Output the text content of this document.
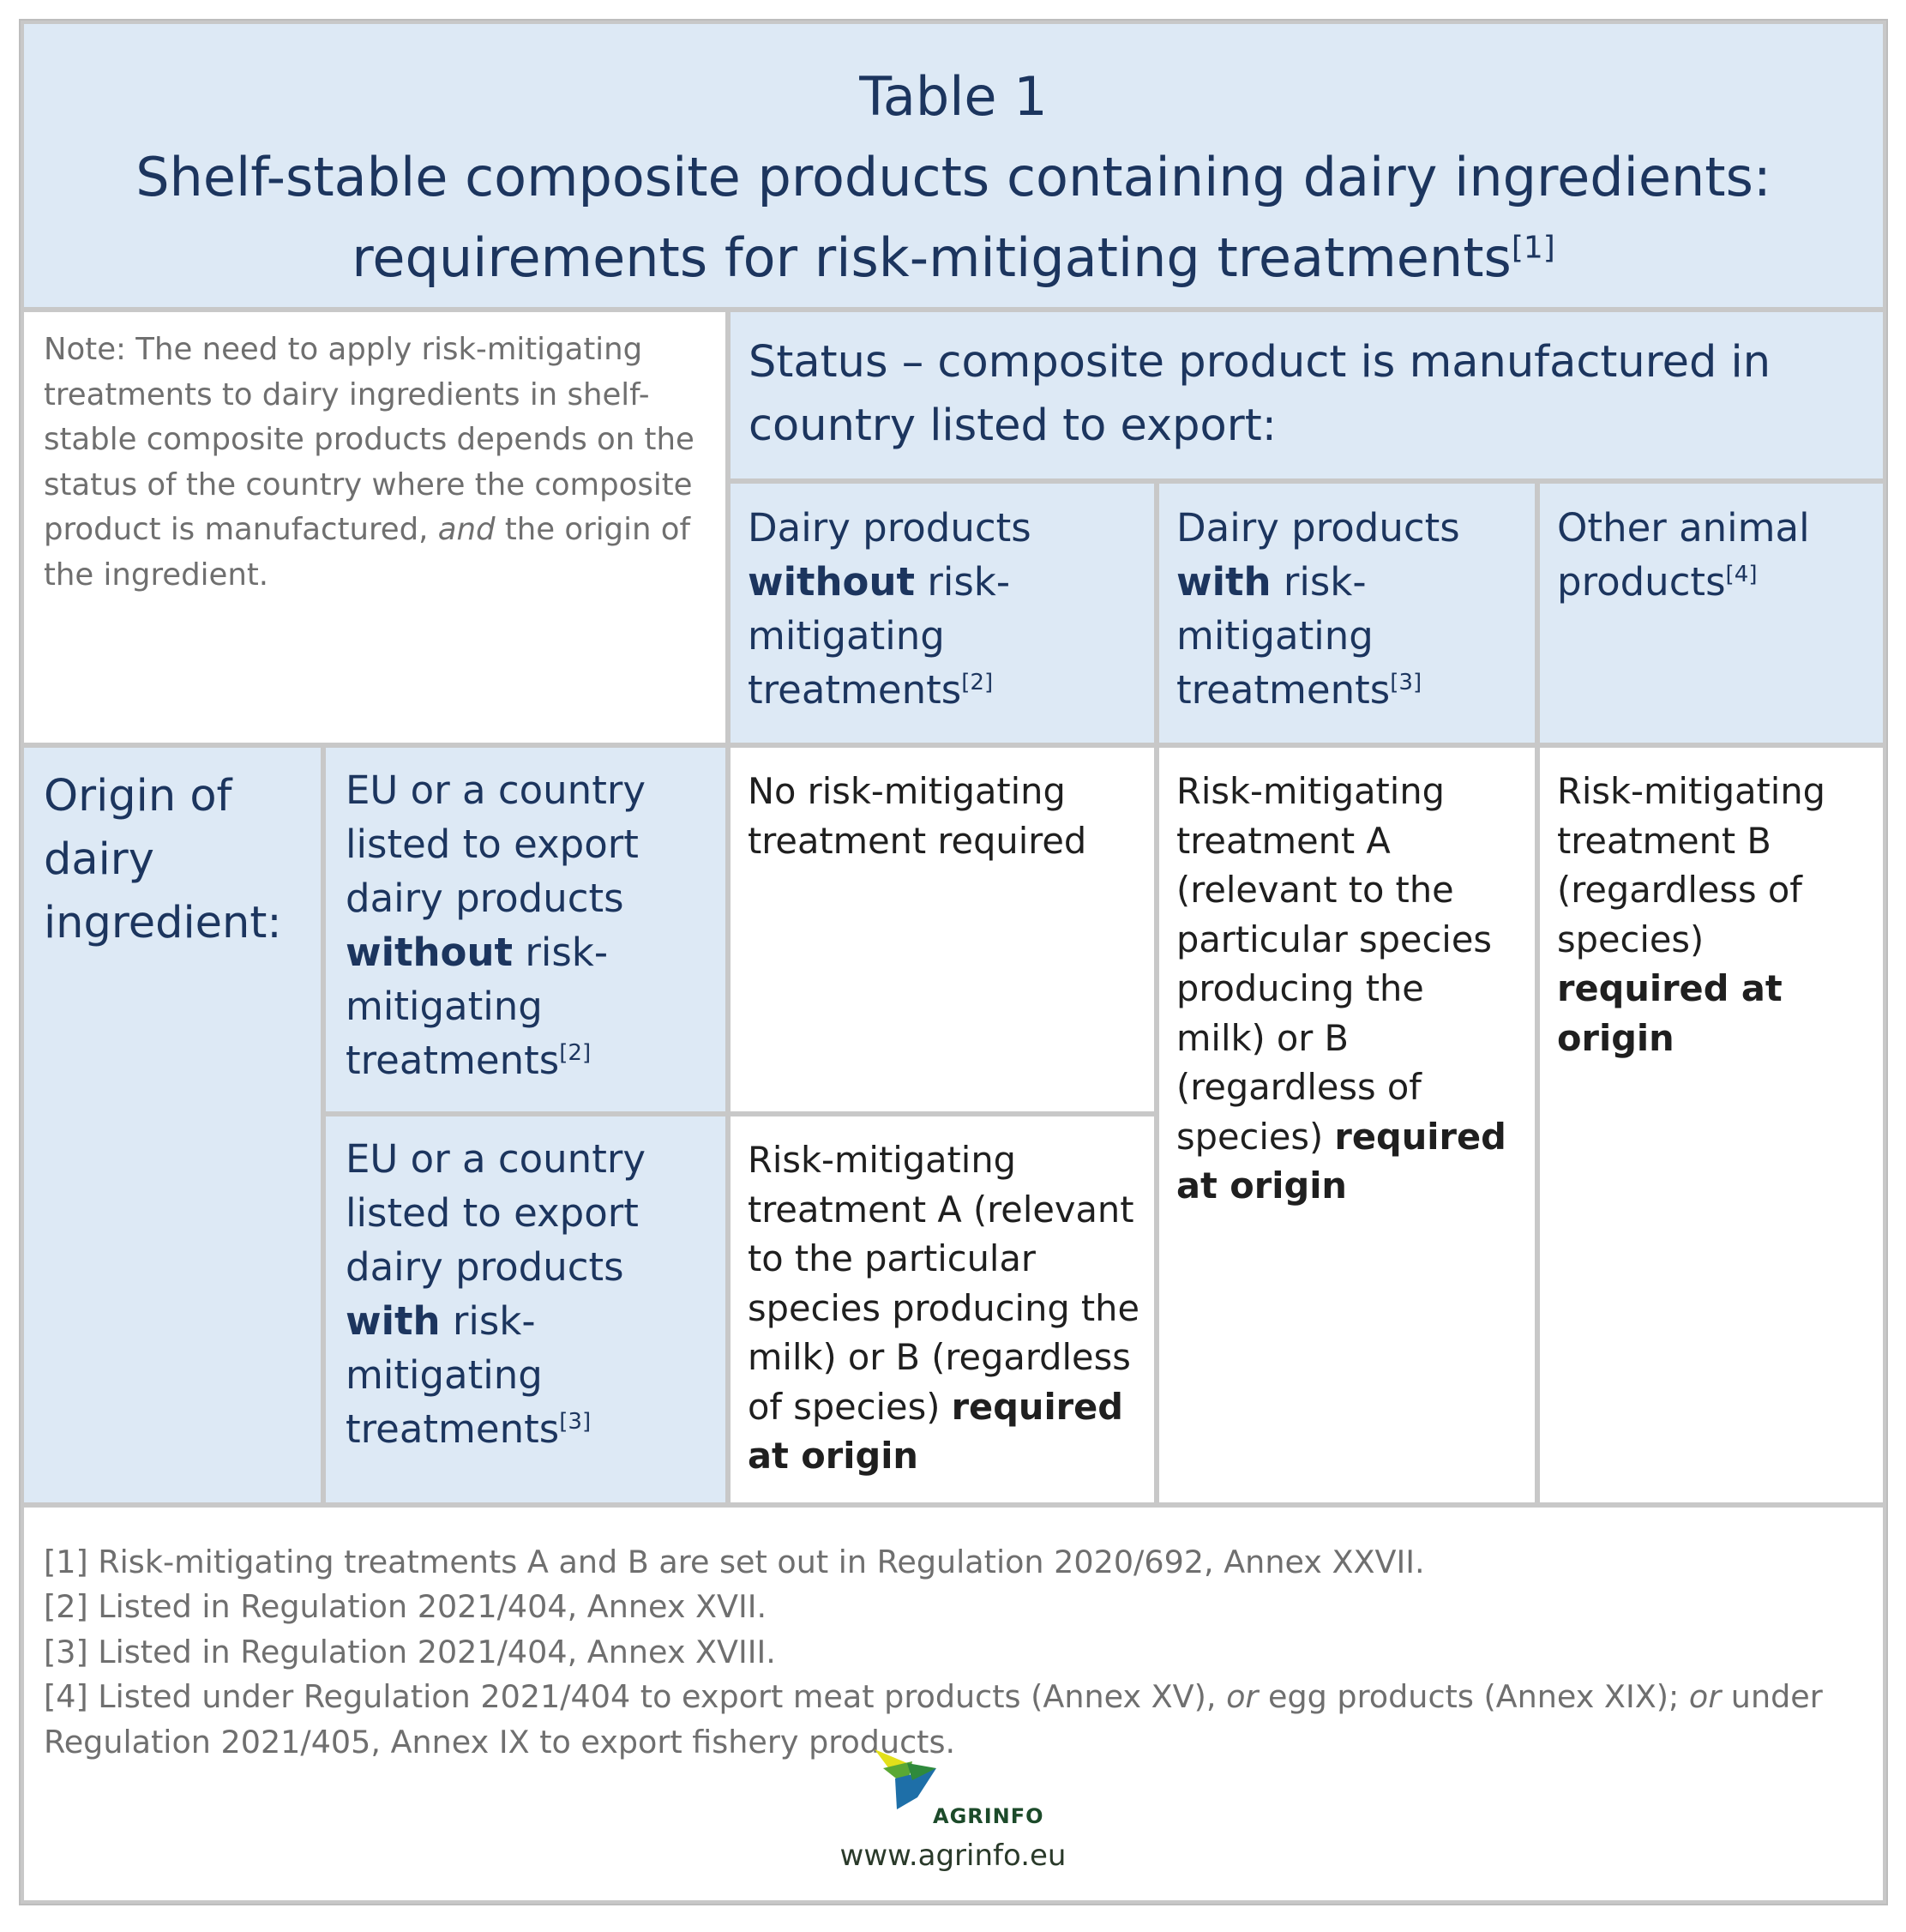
Table 1
Shelf-stable composite products containing dairy ingredients:
requirements for risk-mitigating treatments[1]
Note: The need to apply risk-mitigating treatments to dairy ingredients in shelf-stable composite products depends on the status of the country where the composite product is manufactured, and the origin of the ingredient.
Status – composite product is manufactured in country listed to export:
Dairy products without risk-mitigating treatments[2]
Dairy products with risk-mitigating treatments[3]
Other animal products[4]
Origin of dairy ingredient:
EU or a country listed to export dairy products without risk-mitigating treatments[2]
EU or a country listed to export dairy products with risk-mitigating treatments[3]
No risk-mitigating treatment required
Risk-mitigating treatment A (relevant to the particular species producing the milk) or B (regardless of species) required at origin
Risk-mitigating treatment A (relevant to the particular species producing the milk) or B (regardless of species) required at origin
Risk-mitigating treatment B (regardless of species) required at origin
[1] Risk-mitigating treatments A and B are set out in Regulation 2020/692, Annex XXVII.
[2] Listed in Regulation 2021/404, Annex XVII.
[3] Listed in Regulation 2021/404, Annex XVIII.
[4] Listed under Regulation 2021/404 to export meat products (Annex XV), or egg products (Annex XIX); or under Regulation 2021/405, Annex IX to export fishery products.
AGRINFO
www.agrinfo.eu
